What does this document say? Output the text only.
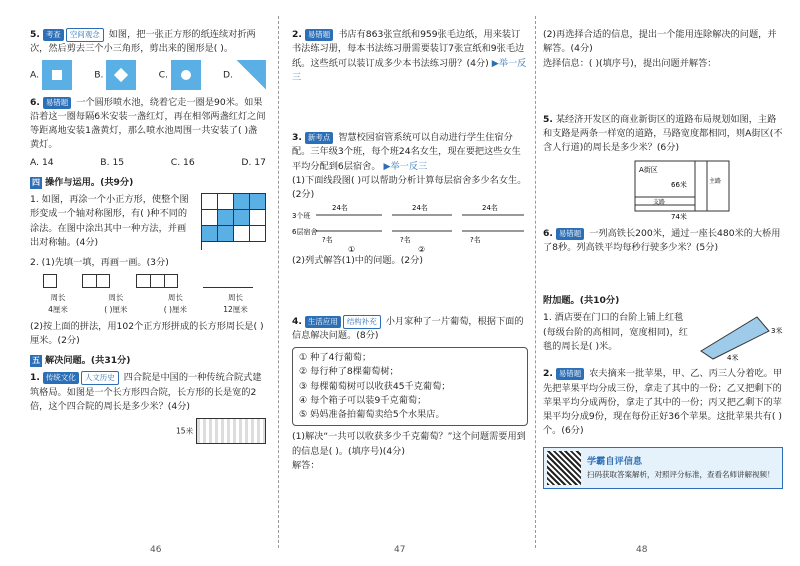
5. 考查 空间观念 如图，把一张正方形的纸连续对折两次，然后剪去三个小三角形，剪出来的图形是( )。
A.	B.	C.	D.
6. 易错题 一个圆形喷水池，绕着它走一圈是90米。如果沿着这一圈每隔6米安装一盏红灯，再在相邻两盏红灯之间等距离地安装1盏黄灯，那么喷水池周围一共安装了( )盏黄灯。
A. 14	B. 15	C. 16	D. 17
四 操作与运用。(共9分)
1. 如图，再涂一个小正方形，使整个图形变成一个轴对称图形，有( )种不同的涂法。在图中涂出其中一种方法，并画出对称轴。(4分)
2. (1)先填一填，再画一画。(3分)
周长
4厘米
周长
( )厘米
周长
( )厘米
周长
12厘米
(2)按上面的拼法，用102个正方形拼成的长方形周长是( )厘米。(2分)
五 解决问题。(共31分)
1. 传统文化 人文历史 四合院是中国的一种传统合院式建筑格局。如图是一个长方形四合院，长方形的长是宽的2倍，这个四合院的周长是多少米？(4分)
15米
2. 易错题 书店有863张宣纸和959张毛边纸，用来装订书法练习册，每本书法练习册需要装订7张宣纸和9张毛边纸。这些纸可以装订成多少本书法练习册？(4分) ▶举一反三
3. 新考点 智慧校园宿管系统可以自动进行学生住宿分配。三年级3个班，每个班24名女生，现在要把这些女生平均分配到6层宿舍。 ▶举一反三
(1)下面线段图( )可以帮助分析计算每层宿舍多少名女生。(2分)
3个班
6层宿舍
24名
?名
24名
?名
24名
?名
①	②
(2)列式解答(1)中的问题。(2分)
4. 生活应用 结构补充 小月家种了一片葡萄，根据下面的信息解决问题。(8分)
① 种了4行葡萄；
② 每行种了8棵葡萄树；
③ 每棵葡萄树可以收获45千克葡萄；
④ 每个箱子可以装9千克葡萄；
⑤ 妈妈准备拍葡萄卖给5个水果店。
(1)解决“一共可以收获多少千克葡萄？”这个问题需要用到的信息是( )。(填序号)(4分)
解答：
(2)再选择合适的信息，提出一个能用连除解决的问题，并解答。(4分)
选择信息：( )(填序号)，提出问题并解答：
5. 某经济开发区的商业新街区的道路布局规划如图，主路和支路是两条一样宽的道路，马路宽度都相同，则A街区(不含人行道)的周长是多少米？(6分)
A街区
66米
支路
主路
74米
6. 易错题 一列高铁长200米，通过一座长480米的大桥用了8秒。列高铁平均每秒行驶多少米？(5分)
附加题。(共10分)
1. 酒店要在门口的台阶上铺上红毯(每级台阶的高相同，宽度相同)，红毯的周长是( )米。
3米
4米
2. 易错题 农夫摘来一批苹果，甲、乙、丙三人分着吃。甲先把苹果平均分成三份，拿走了其中的一份；乙又把剩下的苹果平均分成两份，拿走了其中的一份；丙又把乙剩下的苹果平均分成9份，现在每份正好36个苹果。这批苹果共有( )个。(6分)
学霸自评信息
扫码获取答案解析，对照评分标准，查看名师讲解视频！
46	47	48
